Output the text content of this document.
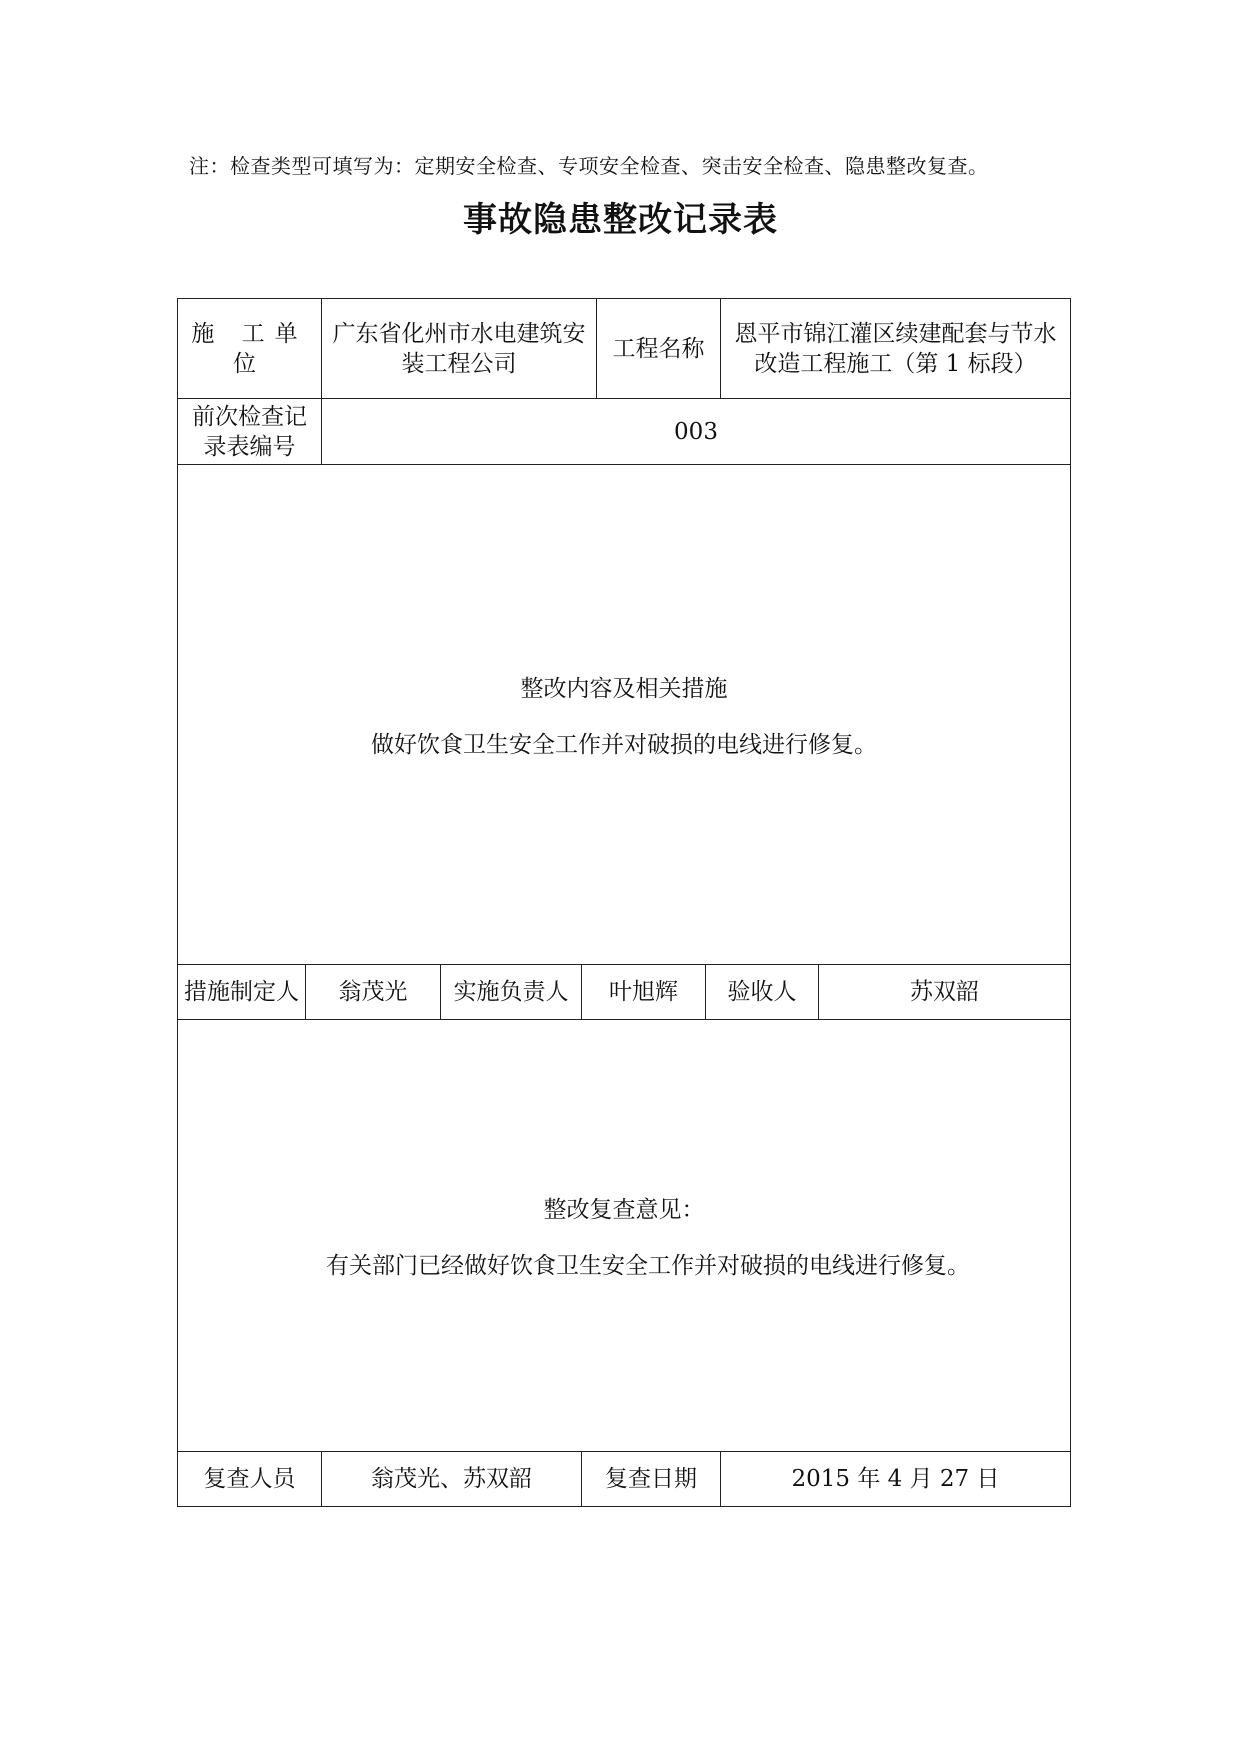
注：检查类型可填写为：定期安全检查、专项安全检查、突击安全检查、隐患整改复查。
事故隐患整改记录表
施 工单 位		广东省化州市水电建筑安装工程公司			工程名称		恩平市锦江灌区续建配套与节水改造工程施工（第 1 标段）	
前次检查记录表编号		003						

整改内容及相关措施
做好饮食卫生安全工作并对破损的电线进行修复。								

措施制定人	翁茂光		实施负责人	叶旭辉		验收人		苏双韶

整改复查意见：
有关部门已经做好饮食卫生安全工作并对破损的电线进行修复。								

复查人员		翁茂光、苏双韶		复查日期			2015 年 4 月 27 日	
